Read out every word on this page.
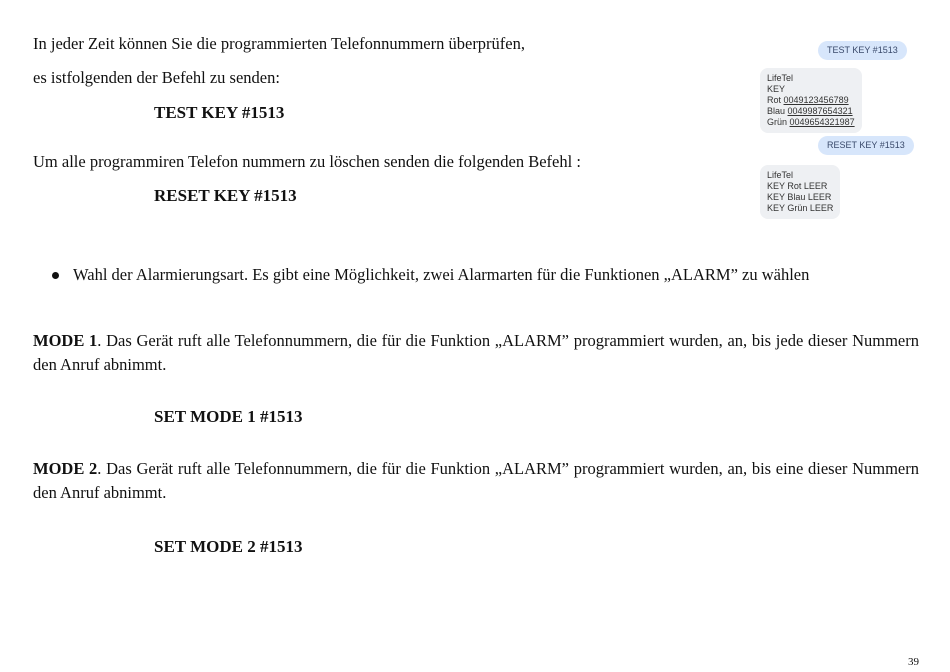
In jeder Zeit können Sie die programmierten Telefonnummern überprüfen,
es istfolgenden der Befehl zu senden:
TEST KEY #1513
Um alle programmiren Telefon nummern zu löschen senden die folgenden Befehl :
RESET KEY #1513
Wahl der Alarmierungsart. Es gibt eine Möglichkeit, zwei Alarmarten für die Funktionen „ALARM” zu wählen
MODE 1. Das Gerät ruft alle Telefonnummern, die für die Funktion „ALARM” programmiert wurden, an, bis jede dieser Nummern den Anruf abnimmt.
SET MODE 1 #1513
MODE 2. Das Gerät ruft alle Telefonnummern, die für die Funktion „ALARM” programmiert wurden, an, bis eine dieser Nummern den Anruf abnimmt.
SET MODE 2 #1513
TEST KEY #1513
LifeTel
KEY
Rot 0049123456789
Blau 0049987654321
Grün 0049654321987
RESET KEY #1513
LifeTel
KEY Rot LEER
KEY Blau LEER
KEY Grün LEER
39
